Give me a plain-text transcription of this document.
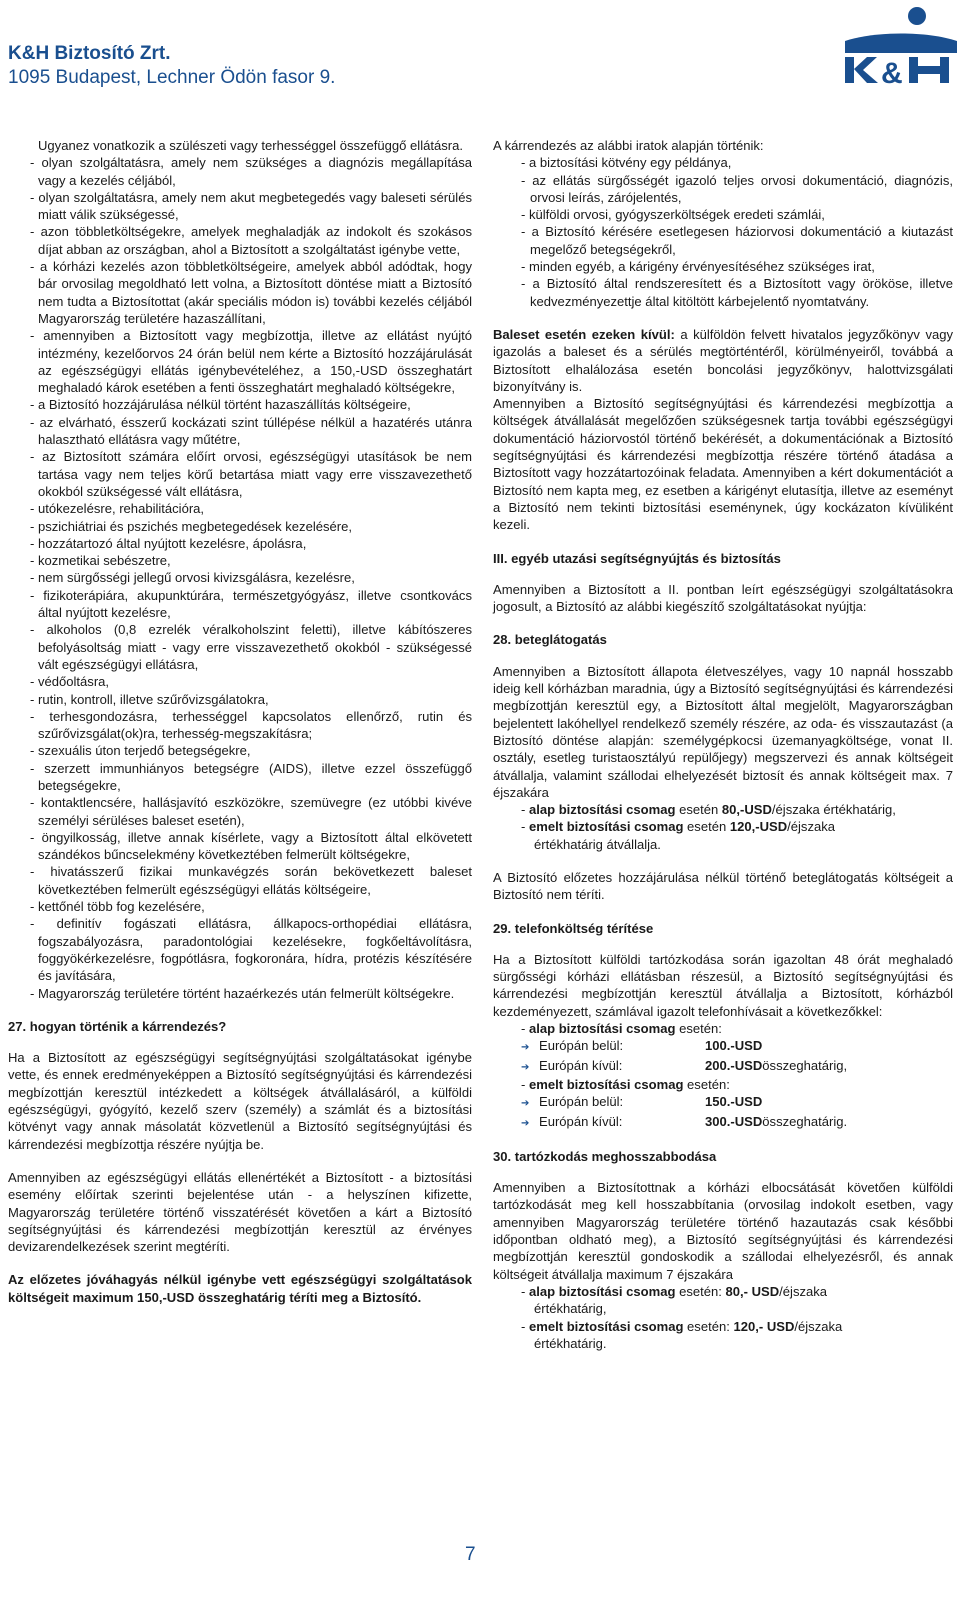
K&H Biztosító Zrt.
1095 Budapest, Lechner Ödön fasor 9.	&
Ugyanez vonatkozik a szülészeti vagy terhességgel összefüggő ellátásra.
- olyan szolgáltatásra, amely nem szükséges a diagnózis megállapítása vagy a kezelés céljából,
- olyan szolgáltatásra, amely nem akut megbetegedés vagy baleseti sérülés miatt válik szükségessé,
- azon többletköltségekre, amelyek meghaladják az indokolt és szokásos díjat abban az országban, ahol a Biztosított a szolgáltatást igénybe vette,
- a kórházi kezelés azon többletköltségeire, amelyek abból adódtak, hogy bár orvosilag megoldható lett volna, a Biztosított döntése miatt a Biztosító nem tudta a Biztosítottat (akár speciális módon is) további kezelés céljából Magyarország területére hazaszállítani,
- amennyiben a Biztosított vagy megbízottja, illetve az ellátást nyújtó intézmény, kezelőorvos 24 órán belül nem kérte a Biztosító hozzájárulását az egészségügyi ellátás igénybevételéhez, a 150,-USD összeghatárt meghaladó károk esetében a fenti összeghatárt meghaladó költségekre,
- a Biztosító hozzájárulása nélkül történt hazaszállítás költségeire,
- az elvárható, ésszerű kockázati szint túllépése nélkül a hazatérés utánra halasztható ellátásra vagy műtétre,
- az Biztosított számára előírt orvosi, egészségügyi utasítások be nem tartása vagy nem teljes körű betartása miatt vagy erre visszavezethető okokból szükségessé vált ellátásra,
- utókezelésre, rehabilitációra,
- pszichiátriai és pszichés megbetegedések kezelésére,
- hozzátartozó által nyújtott kezelésre, ápolásra,
- kozmetikai sebészetre,
- nem sürgősségi jellegű orvosi kivizsgálásra, kezelésre,
- fizikoterápiára, akupunktúrára, természetgyógyász, illetve csontkovács által nyújtott kezelésre,
- alkoholos (0,8 ezrelék véralkoholszint feletti), illetve kábítószeres befolyásoltság miatt - vagy erre visszavezethető okokból - szükségessé vált egészségügyi ellátásra,
- védőoltásra,
- rutin, kontroll, illetve szűrővizsgálatokra,
- terhesgondozásra, terhességgel kapcsolatos ellenőrző, rutin és szűrővizsgálat(ok)ra, terhesség-megszakításra;
- szexuális úton terjedő betegségekre,
- szerzett immunhiányos betegségre (AIDS), illetve ezzel összefüggő betegségekre,
- kontaktlencsére, hallásjavító eszközökre, szemüvegre (ez utóbbi kivéve személyi sérüléses baleset esetén),
- öngyilkosság, illetve annak kísérlete, vagy a Biztosított által elkövetett szándékos bűncselekmény következtében felmerült költségekre,
- hivatásszerű fizikai munkavégzés során bekövetkezett baleset következtében felmerült egészségügyi ellátás költségeire,
- kettőnél több fog kezelésére,
- definitív fogászati ellátásra, állkapocs-orthopédiai ellátásra, fogszabályozásra, paradontológiai kezelésekre, fogkőeltávolításra, foggyökérkezelésre, fogpótlásra, fogkoronára, hídra, protézis készítésére és javítására,
- Magyarország területére történt hazaérkezés után felmerült költségekre.
27. hogyan történik a kárrendezés?
Ha a Biztosított az egészségügyi segítségnyújtási szolgáltatásokat igénybe vette, és ennek eredményeképpen a Biztosító segítségnyújtási és kárrendezési megbízottján keresztül intézkedett a költségek átvállalásáról, a külföldi egészségügyi, gyógyító, kezelő szerv (személy) a számlát és a biztosítási kötvényt vagy annak másolatát közvetlenül a Biztosító segítségnyújtási és kárrendezési megbízottja részére nyújtja be.
Amennyiben az egészségügyi ellátás ellenértékét a Biztosított - a biztosítási esemény előírtak szerinti bejelentése után - a helyszínen kifizette, Magyarország területére történő visszatérését követően a kárt a Biztosító segítségnyújtási és kárrendezési megbízottján keresztül az érvényes devizarendelkezések szerint megtérítі.
Az előzetes jóváhagyás nélkül igénybe vett egészségügyi szolgáltatások költségeit maximum 150,-USD összeghatárig téríti meg a Biztosító.
A kárrendezés az alábbi iratok alapján történik:
- a biztosítási kötvény egy példánya,
- az ellátás sürgősségét igazoló teljes orvosi dokumentáció, diagnózis, orvosi leírás, zárójelentés,
- külföldi orvosi, gyógyszerköltségek eredeti számlái,
- a Biztosító kérésére esetlegesen háziorvosi dokumentáció a kiutazást megelőző betegségekről,
- minden egyéb, a kárigény érvényesítéséhez szükséges irat,
- a Biztosító által rendszeresített és a Biztosított vagy örököse, illetve kedvezményezettje által kitöltött kárbejelentő nyomtatvány.
Baleset esetén ezeken kívül: a külföldön felvett hivatalos jegyzőkönyv vagy igazolás a baleset és a sérülés megtörténtéről, körülményeiről, továbbá a Biztosított elhalálozása esetén boncolási jegyzőkönyv, halottvizsgálati bizonyítvány is.
Amennyiben a Biztosító segítségnyújtási és kárrendezési megbízottja a költségek átvállalását megelőzően szükségesnek tartja további egészségügyi dokumentáció háziorvostól történő bekérését, a dokumentációnak a Biztosító segítségnyújtási és kárrendezési megbízottja részére történő átadása a Biztosított vagy hozzátartozóinak feladata. Amennyiben a kért dokumentációt a Biztosító nem kapta meg, ez esetben a kárigényt elutasítja, illetve az eseményt a Biztosító nem tekinti biztosítási eseménynek, úgy kockázaton kívüliként kezeli.
III. egyéb utazási segítségnyújtás és biztosítás
Amennyiben a Biztosított a II. pontban leírt egészségügyi szolgáltatásokra jogosult, a Biztosító az alábbi kiegészítő szolgáltatásokat nyújtja:
28. beteglátogatás
Amennyiben a Biztosított állapota életveszélyes, vagy 10 napnál hosszabb ideig kell kórházban maradnia, úgy a Biztosító segítségnyújtási és kárrendezési megbízottján keresztül egy, a Biztosított által megjelölt, Magyarországban bejelentett lakóhellyel rendelkező személy részére, az oda- és visszautazást (a Biztosító döntése alapján: személygépkocsi üzemanyagköltsége, vonat II. osztály, esetleg turistaosztályú repülőjegy) megszervezi és annak költségeit átvállalja, valamint szállodai elhelyezését biztosít és annak költségeit max. 7 éjszakára
- alap biztosítási csomag esetén 80,-USD/éjszaka értékhatárig,
- emelt biztosítási csomag esetén 120,-USD/éjszaka
értékhatárig átvállalja.
A Biztosító előzetes hozzájárulása nélkül történő beteglátogatás költségeit a Biztosító nem téríti.
29. telefonköltség térítése
Ha a Biztosított külföldi tartózkodása során igazoltan 48 órát meghaladó sürgősségi kórházi ellátásban részesül, a Biztosító segítségnyújtási és kárrendezési megbízottján keresztül átvállalja a Biztosított, kórházból kezdeményezett, számlával igazolt telefonhívásait a következőkkel:
- alap biztosítási csomag esetén:
➔ Európán belül:	100.-USD
➔ Európán kívül:	200.-USD összeghatárig,
- emelt biztosítási csomag esetén:
➔ Európán belül:	150.-USD
➔ Európán kívül:	300.-USD összeghatárig.
30. tartózkodás meghosszabbodása
Amennyiben a Biztosítottnak a kórházi elbocsátását követően külföldi tartózkodását meg kell hosszabbítania (orvosilag indokolt esetben, vagy amennyiben Magyarország területére történő hazautazás csak későbbi időpontban oldható meg), a Biztosító segítségnyújtási és kárrendezési megbízottján keresztül gondoskodik a szállodai elhelyezésről, és annak költségeit átvállalja maximum 7 éjszakára
- alap biztosítási csomag esetén: 80,- USD/éjszaka
értékhatárig,
- emelt biztosítási csomag esetén: 120,- USD/éjszaka
értékhatárig.
7
